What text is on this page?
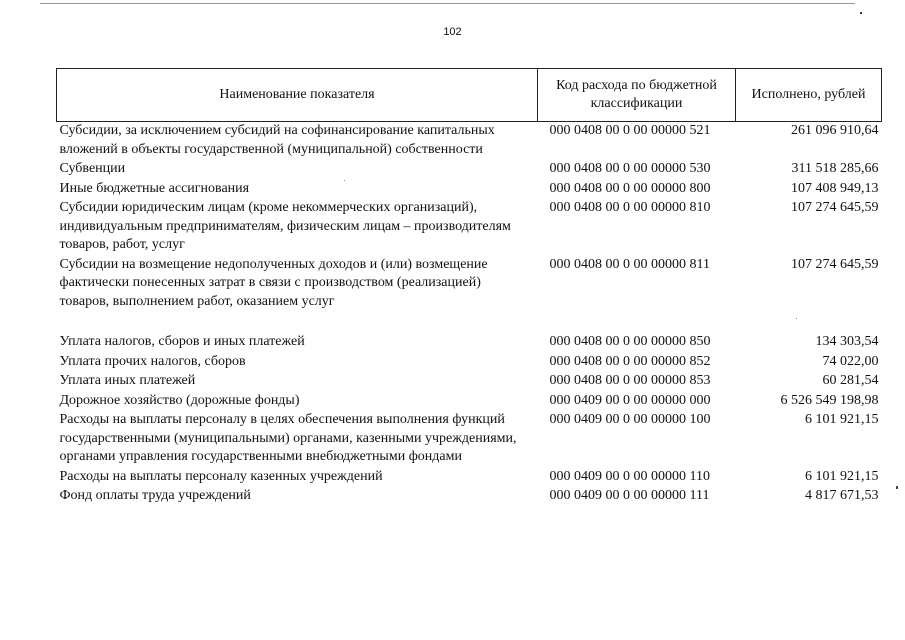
102
Наименование показателя	Код расхода по бюджетной классификации	Исполнено, рублей
Субсидии, за исключением субсидий на софинансирование капитальных вложений в объекты государственной (муниципальной) собственности	000 0408 00 0 00 00000 521	261 096 910,64
Субвенции	000 0408 00 0 00 00000 530	311 518 285,66
Иные бюджетные ассигнования	000 0408 00 0 00 00000 800	107 408 949,13
Субсидии юридическим лицам (кроме некоммерческих организаций), индивидуальным предпринимателям, физическим лицам – производителям товаров, работ, услуг	000 0408 00 0 00 00000 810	107 274 645,59
Субсидии на возмещение недополученных доходов и (или) возмещение фактически понесенных затрат в связи с производством (реализацией) товаров, выполнением работ, оказанием услуг	000 0408 00 0 00 00000 811	107 274 645,59
Уплата налогов, сборов и иных платежей	000 0408 00 0 00 00000 850	134 303,54
Уплата прочих налогов, сборов	000 0408 00 0 00 00000 852	74 022,00
Уплата иных платежей	000 0408 00 0 00 00000 853	60 281,54
Дорожное хозяйство (дорожные фонды)	000 0409 00 0 00 00000 000	6 526 549 198,98
Расходы на выплаты персоналу в целях обеспечения выполнения функций государственными (муниципальными) органами, казенными учреждениями, органами управления государственными внебюджетными фондами	000 0409 00 0 00 00000 100	6 101 921,15
Расходы на выплаты персоналу казенных учреждений	000 0409 00 0 00 00000 110	6 101 921,15
Фонд оплаты труда учреждений	000 0409 00 0 00 00000 111	4 817 671,53
